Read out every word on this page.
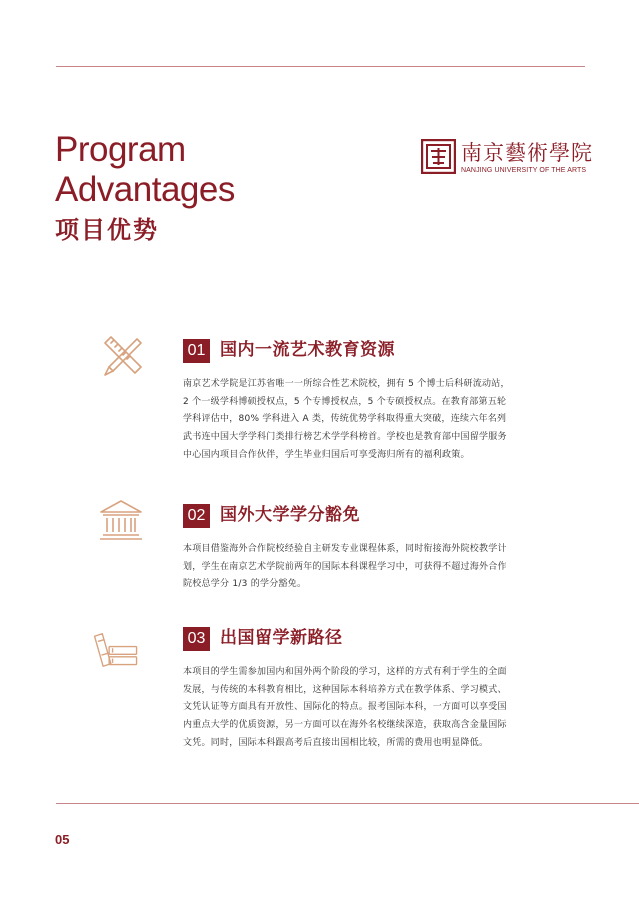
Program
Advantages
项目优势
南京藝術學院
NANJING UNIVERSITY OF THE ARTS
01 国内一流艺术教育资源
南京艺术学院是江苏省唯一一所综合性艺术院校，拥有 5 个博士后科研流动站，
2 个一级学科博硕授权点，5 个专博授权点，5 个专硕授权点。在教育部第五轮
学科评估中，80% 学科进入 A 类，传统优势学科取得重大突破，连续六年名列
武书连中国大学学科门类排行榜艺术学学科榜首。学校也是教育部中国留学服务
中心国内项目合作伙伴，学生毕业归国后可享受海归所有的福利政策。
02 国外大学学分豁免
本项目借鉴海外合作院校经验自主研发专业课程体系，同时衔接海外院校教学计
划，学生在南京艺术学院前两年的国际本科课程学习中，可获得不超过海外合作
院校总学分 1/3 的学分豁免。
03 出国留学新路径
本项目的学生需参加国内和国外两个阶段的学习，这样的方式有利于学生的全面
发展，与传统的本科教育相比，这种国际本科培养方式在教学体系、学习模式、
文凭认证等方面具有开放性、国际化的特点。报考国际本科，一方面可以享受国
内重点大学的优质资源，另一方面可以在海外名校继续深造，获取高含金量国际
文凭。同时，国际本科跟高考后直接出国相比较，所需的费用也明显降低。
05
